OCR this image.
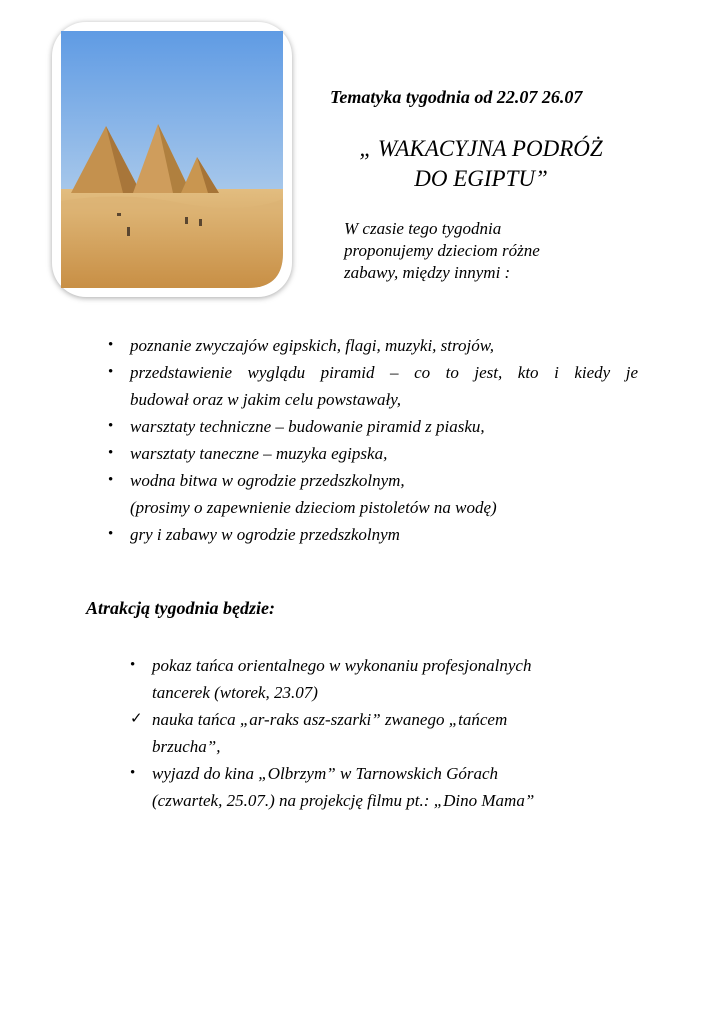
Tematyka tygodnia od 22.07 26.07
„ WAKACYJNA PODRÓŻ
DO EGIPTU”
W czasie tego tygodnia
proponujemy dzieciom różne
zabawy, między innymi :
• poznanie zwyczajów egipskich, flagi, muzyki, strojów,
• przedstawienie wyglądu piramid – co to jest, kto i kiedy je
budował oraz w jakim celu powstawały,
• warsztaty techniczne – budowanie piramid z piasku,
• warsztaty taneczne – muzyka egipska,
• wodna bitwa w ogrodzie przedszkolnym,
(prosimy o zapewnienie dzieciom pistoletów na wodę)
• gry i zabawy w ogrodzie przedszkolnym
Atrakcją tygodnia będzie:
• pokaz tańca orientalnego w wykonaniu profesjonalnych
tancerek (wtorek, 23.07)
✓ nauka tańca „ar-raks asz-szarki” zwanego „tańcem
brzucha”,
• wyjazd do kina „Olbrzym” w Tarnowskich Górach
(czwartek, 25.07.) na projekcję filmu pt.: „Dino Mama”
